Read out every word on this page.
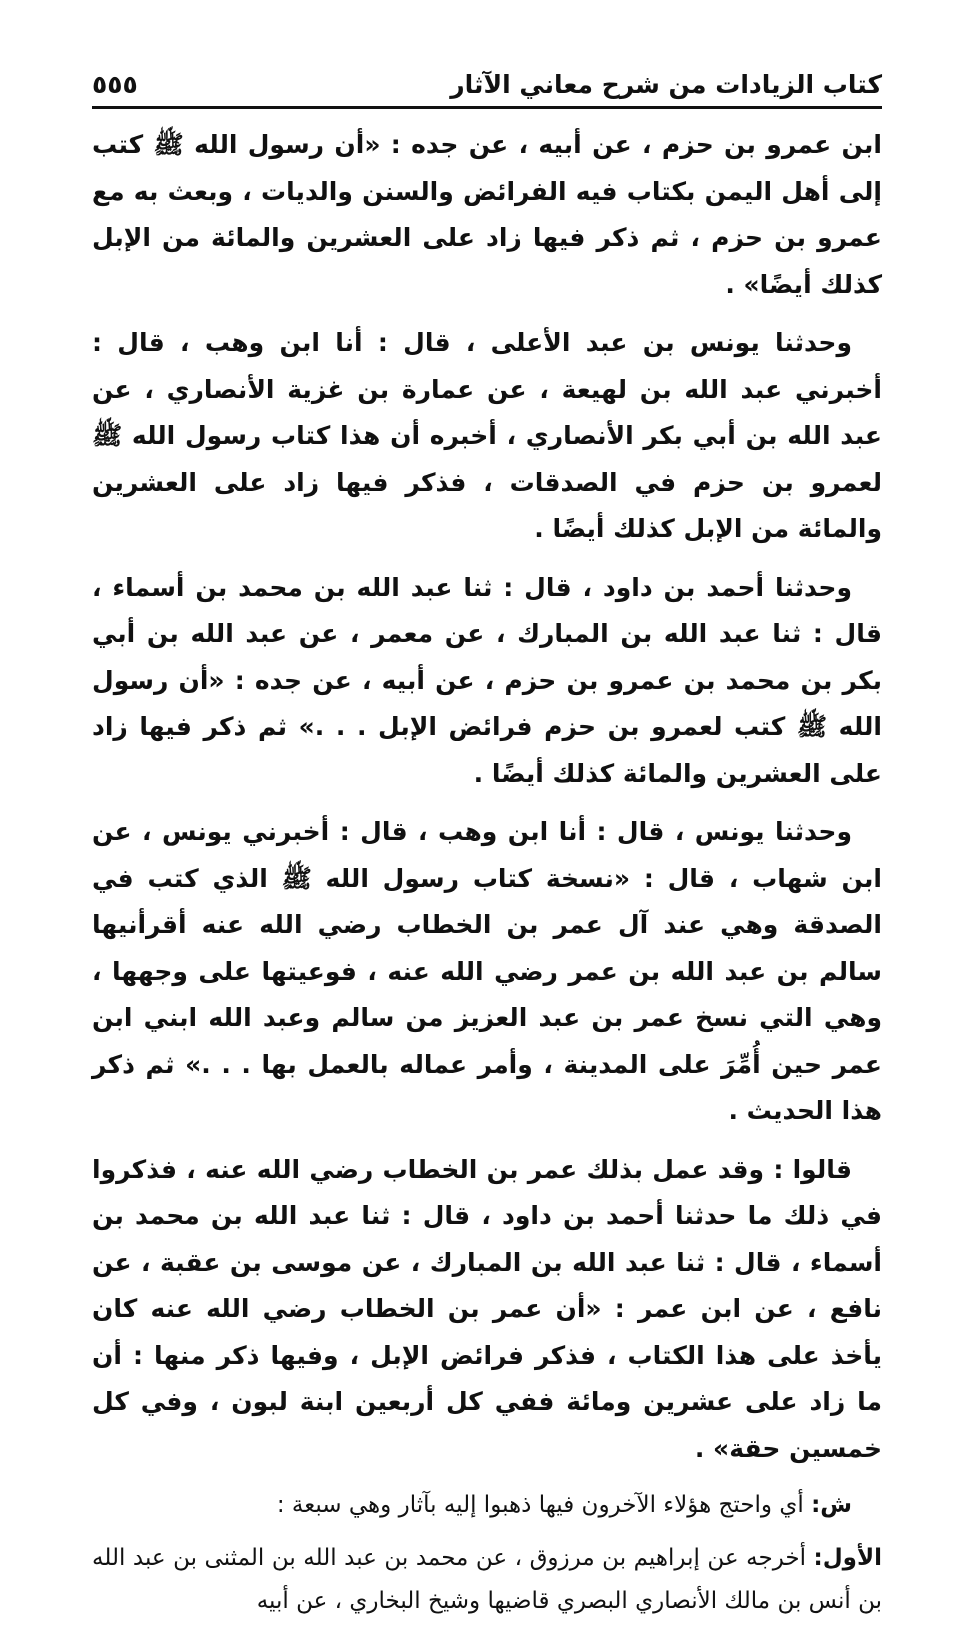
كتاب الزيادات من شرح معاني الآثار
٥٥٥

ابن عمرو بن حزم ، عن أبيه ، عن جده : «أن رسول الله ﷺ كتب إلى أهل اليمن بكتاب فيه الفرائض والسنن والديات ، وبعث به مع عمرو بن حزم ، ثم ذكر فيها زاد على العشرين والمائة من الإبل كذلك أيضًا» .

وحدثنا يونس بن عبد الأعلى ، قال : أنا ابن وهب ، قال : أخبرني عبد الله بن لهيعة ، عن عمارة بن غزية الأنصاري ، عن عبد الله بن أبي بكر الأنصاري ، أخبره أن هذا كتاب رسول الله ﷺ لعمرو بن حزم في الصدقات ، فذكر فيها زاد على العشرين والمائة من الإبل كذلك أيضًا .

وحدثنا أحمد بن داود ، قال : ثنا عبد الله بن محمد بن أسماء ، قال : ثنا عبد الله بن المبارك ، عن معمر ، عن عبد الله بن أبي بكر بن محمد بن عمرو بن حزم ، عن أبيه ، عن جده : «أن رسول الله ﷺ كتب لعمرو بن حزم فرائض الإبل . . .» ثم ذكر فيها زاد على العشرين والمائة كذلك أيضًا .

وحدثنا يونس ، قال : أنا ابن وهب ، قال : أخبرني يونس ، عن ابن شهاب ، قال : «نسخة كتاب رسول الله ﷺ الذي كتب في الصدقة وهي عند آل عمر بن الخطاب رضي الله عنه أقرأنيها سالم بن عبد الله بن عمر رضي الله عنه ، فوعيتها على وجهها ، وهي التي نسخ عمر بن عبد العزيز من سالم وعبد الله ابني ابن عمر حين أُمِّرَ على المدينة ، وأمر عماله بالعمل بها . . .» ثم ذكر هذا الحديث .

قالوا : وقد عمل بذلك عمر بن الخطاب رضي الله عنه ، فذكروا في ذلك ما حدثنا أحمد بن داود ، قال : ثنا عبد الله بن محمد بن أسماء ، قال : ثنا عبد الله بن المبارك ، عن موسى بن عقبة ، عن نافع ، عن ابن عمر : «أن عمر بن الخطاب رضي الله عنه كان يأخذ على هذا الكتاب ، فذكر فرائض الإبل ، وفيها ذكر منها : أن ما زاد على عشرين ومائة ففي كل أربعين ابنة لبون ، وفي كل خمسين حقة» .

ش: أي واحتج هؤلاء الآخرون فيها ذهبوا إليه بآثار وهي سبعة :

الأول: أخرجه عن إبراهيم بن مرزوق ، عن محمد بن عبد الله بن المثنى بن عبد الله بن أنس بن مالك الأنصاري البصري قاضيها وشيخ البخاري ، عن أبيه
